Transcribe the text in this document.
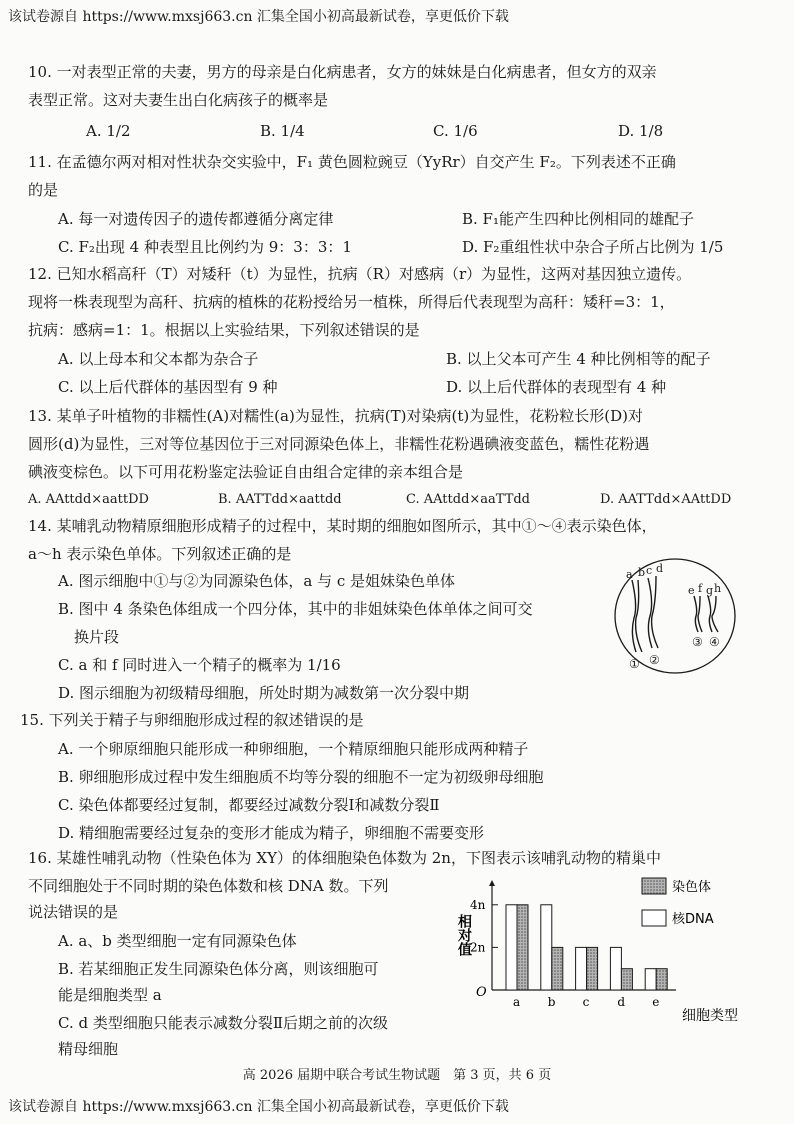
该试卷源自 https://www.mxsj663.cn 汇集全国小初高最新试卷，享更低价下载
10. 一对表型正常的夫妻，男方的母亲是白化病患者，女方的妹妹是白化病患者，但女方的双亲
表型正常。这对夫妻生出白化病孩子的概率是
A. 1/2	B. 1/4	C. 1/6	D. 1/8
11. 在孟德尔两对相对性状杂交实验中，F₁ 黄色圆粒豌豆（YyRr）自交产生 F₂。下列表述不正确
的是
A. 每一对遗传因子的遗传都遵循分离定律	B. F₁能产生四种比例相同的雄配子
C. F₂出现 4 种表型且比例约为 9：3：3：1	D. F₂重组性状中杂合子所占比例为 1/5
12. 已知水稻高秆（T）对矮秆（t）为显性，抗病（R）对感病（r）为显性，这两对基因独立遗传。
现将一株表现型为高秆、抗病的植株的花粉授给另一植株，所得后代表现型为高秆：矮秆=3：1，
抗病：感病=1：1。根据以上实验结果，下列叙述错误的是
A. 以上母本和父本都为杂合子	B. 以上父本可产生 4 种比例相等的配子
C. 以上后代群体的基因型有 9 种	D. 以上后代群体的表现型有 4 种
13. 某单子叶植物的非糯性(A)对糯性(a)为显性，抗病(T)对染病(t)为显性，花粉粒长形(D)对
圆形(d)为显性，三对等位基因位于三对同源染色体上，非糯性花粉遇碘液变蓝色，糯性花粉遇
碘液变棕色。以下可用花粉鉴定法验证自由组合定律的亲本组合是
A. AAttdd×aattDD	B. AATTdd×aattdd	C. AAttdd×aaTTdd	D. AATTdd×AAttDD
14. 某哺乳动物精原细胞形成精子的过程中，某时期的细胞如图所示，其中①～④表示染色体，
a～h 表示染色单体。下列叙述正确的是
A. 图示细胞中①与②为同源染色体，a 与 c 是姐妹染色单体
B. 图中 4 条染色体组成一个四分体，其中的非姐妹染色体单体之间可交
换片段
C. a 和 f 同时进入一个精子的概率为 1/16
D. 图示细胞为初级精母细胞，所处时期为减数第一次分裂中期
a b c d
e f g h
① ②
③ ④
15. 下列关于精子与卵细胞形成过程的叙述错误的是
A. 一个卵原细胞只能形成一种卵细胞，一个精原细胞只能形成两种精子
B. 卵细胞形成过程中发生细胞质不均等分裂的细胞不一定为初级卵母细胞
C. 染色体都要经过复制，都要经过减数分裂Ⅰ和减数分裂Ⅱ
D. 精细胞需要经过复杂的变形才能成为精子，卵细胞不需要变形
16. 某雄性哺乳动物（性染色体为 XY）的体细胞染色体数为 2n，下图表示该哺乳动物的精巢中
不同细胞处于不同时期的染色体数和核 DNA 数。下列
说法错误的是
A. a、b 类型细胞一定有同源染色体
B. 若某细胞正发生同源染色体分离，则该细胞可
能是细胞类型 a
C. d 类型细胞只能表示减数分裂Ⅱ后期之前的次级
精母细胞
相对值
2n
4n
O
a b c d e
细胞类型
染色体
核DNA
高 2026 届期中联合考试生物试题　第 3 页，共 6 页
该试卷源自 https://www.mxsj663.cn 汇集全国小初高最新试卷，享更低价下载
